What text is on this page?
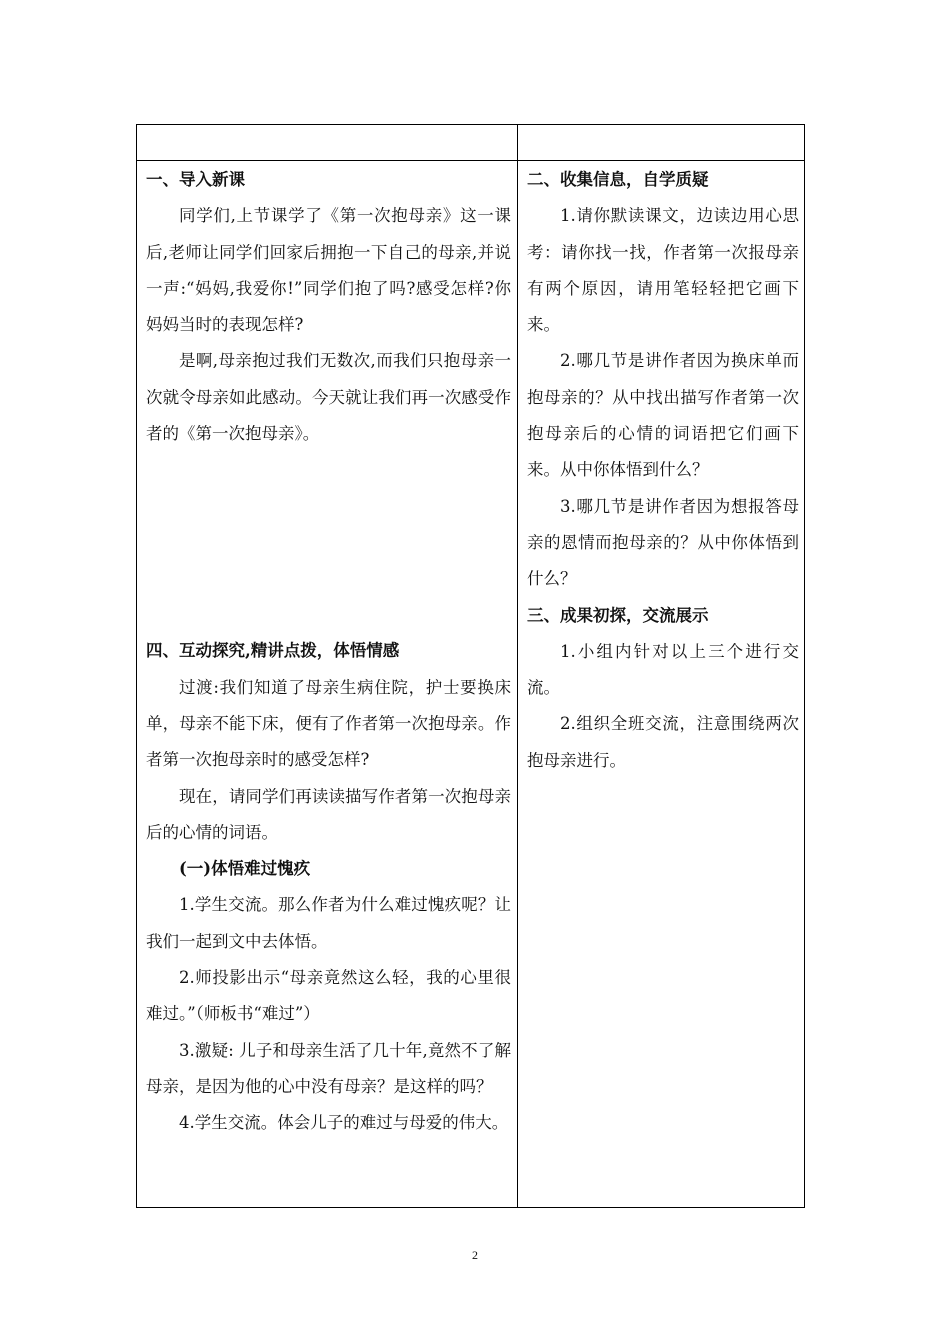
一、导入新课

同学们,上节课学了《第一次抱母亲》这一课后,老师让同学们回家后拥抱一下自己的母亲,并说一声:“妈妈,我爱你!”同学们抱了吗?感受怎样?你妈妈当时的表现怎样?

是啊,母亲抱过我们无数次,而我们只抱母亲一次就令母亲如此感动。今天就让我们再一次感受作者的《第一次抱母亲》。

四、互动探究,精讲点拨，体悟情感

过渡:我们知道了母亲生病住院，护士要换床单，母亲不能下床，便有了作者第一次抱母亲。作者第一次抱母亲时的感受怎样?

现在，请同学们再读读描写作者第一次抱母亲后的心情的词语。

(一)体悟难过愧疚

1.学生交流。那么作者为什么难过愧疚呢？让我们一起到文中去体悟。

2.师投影出示“母亲竟然这么轻，我的心里很难过。”（师板书“难过”）

3.激疑: 儿子和母亲生活了几十年,竟然不了解母亲，是因为他的心中没有母亲？是这样的吗？

4.学生交流。体会儿子的难过与母爱的伟大。

二、收集信息，自学质疑

1.请你默读课文，边读边用心思考：请你找一找，作者第一次报母亲有两个原因，请用笔轻轻把它画下来。

2.哪几节是讲作者因为换床单而抱母亲的？从中找出描写作者第一次抱母亲后的心情的词语把它们画下来。从中你体悟到什么？

3.哪几节是讲作者因为想报答母亲的恩情而抱母亲的？从中你体悟到什么？

三、成果初探，交流展示

1.小组内针对以上三个进行交流。

2.组织全班交流，注意围绕两次抱母亲进行。

2
